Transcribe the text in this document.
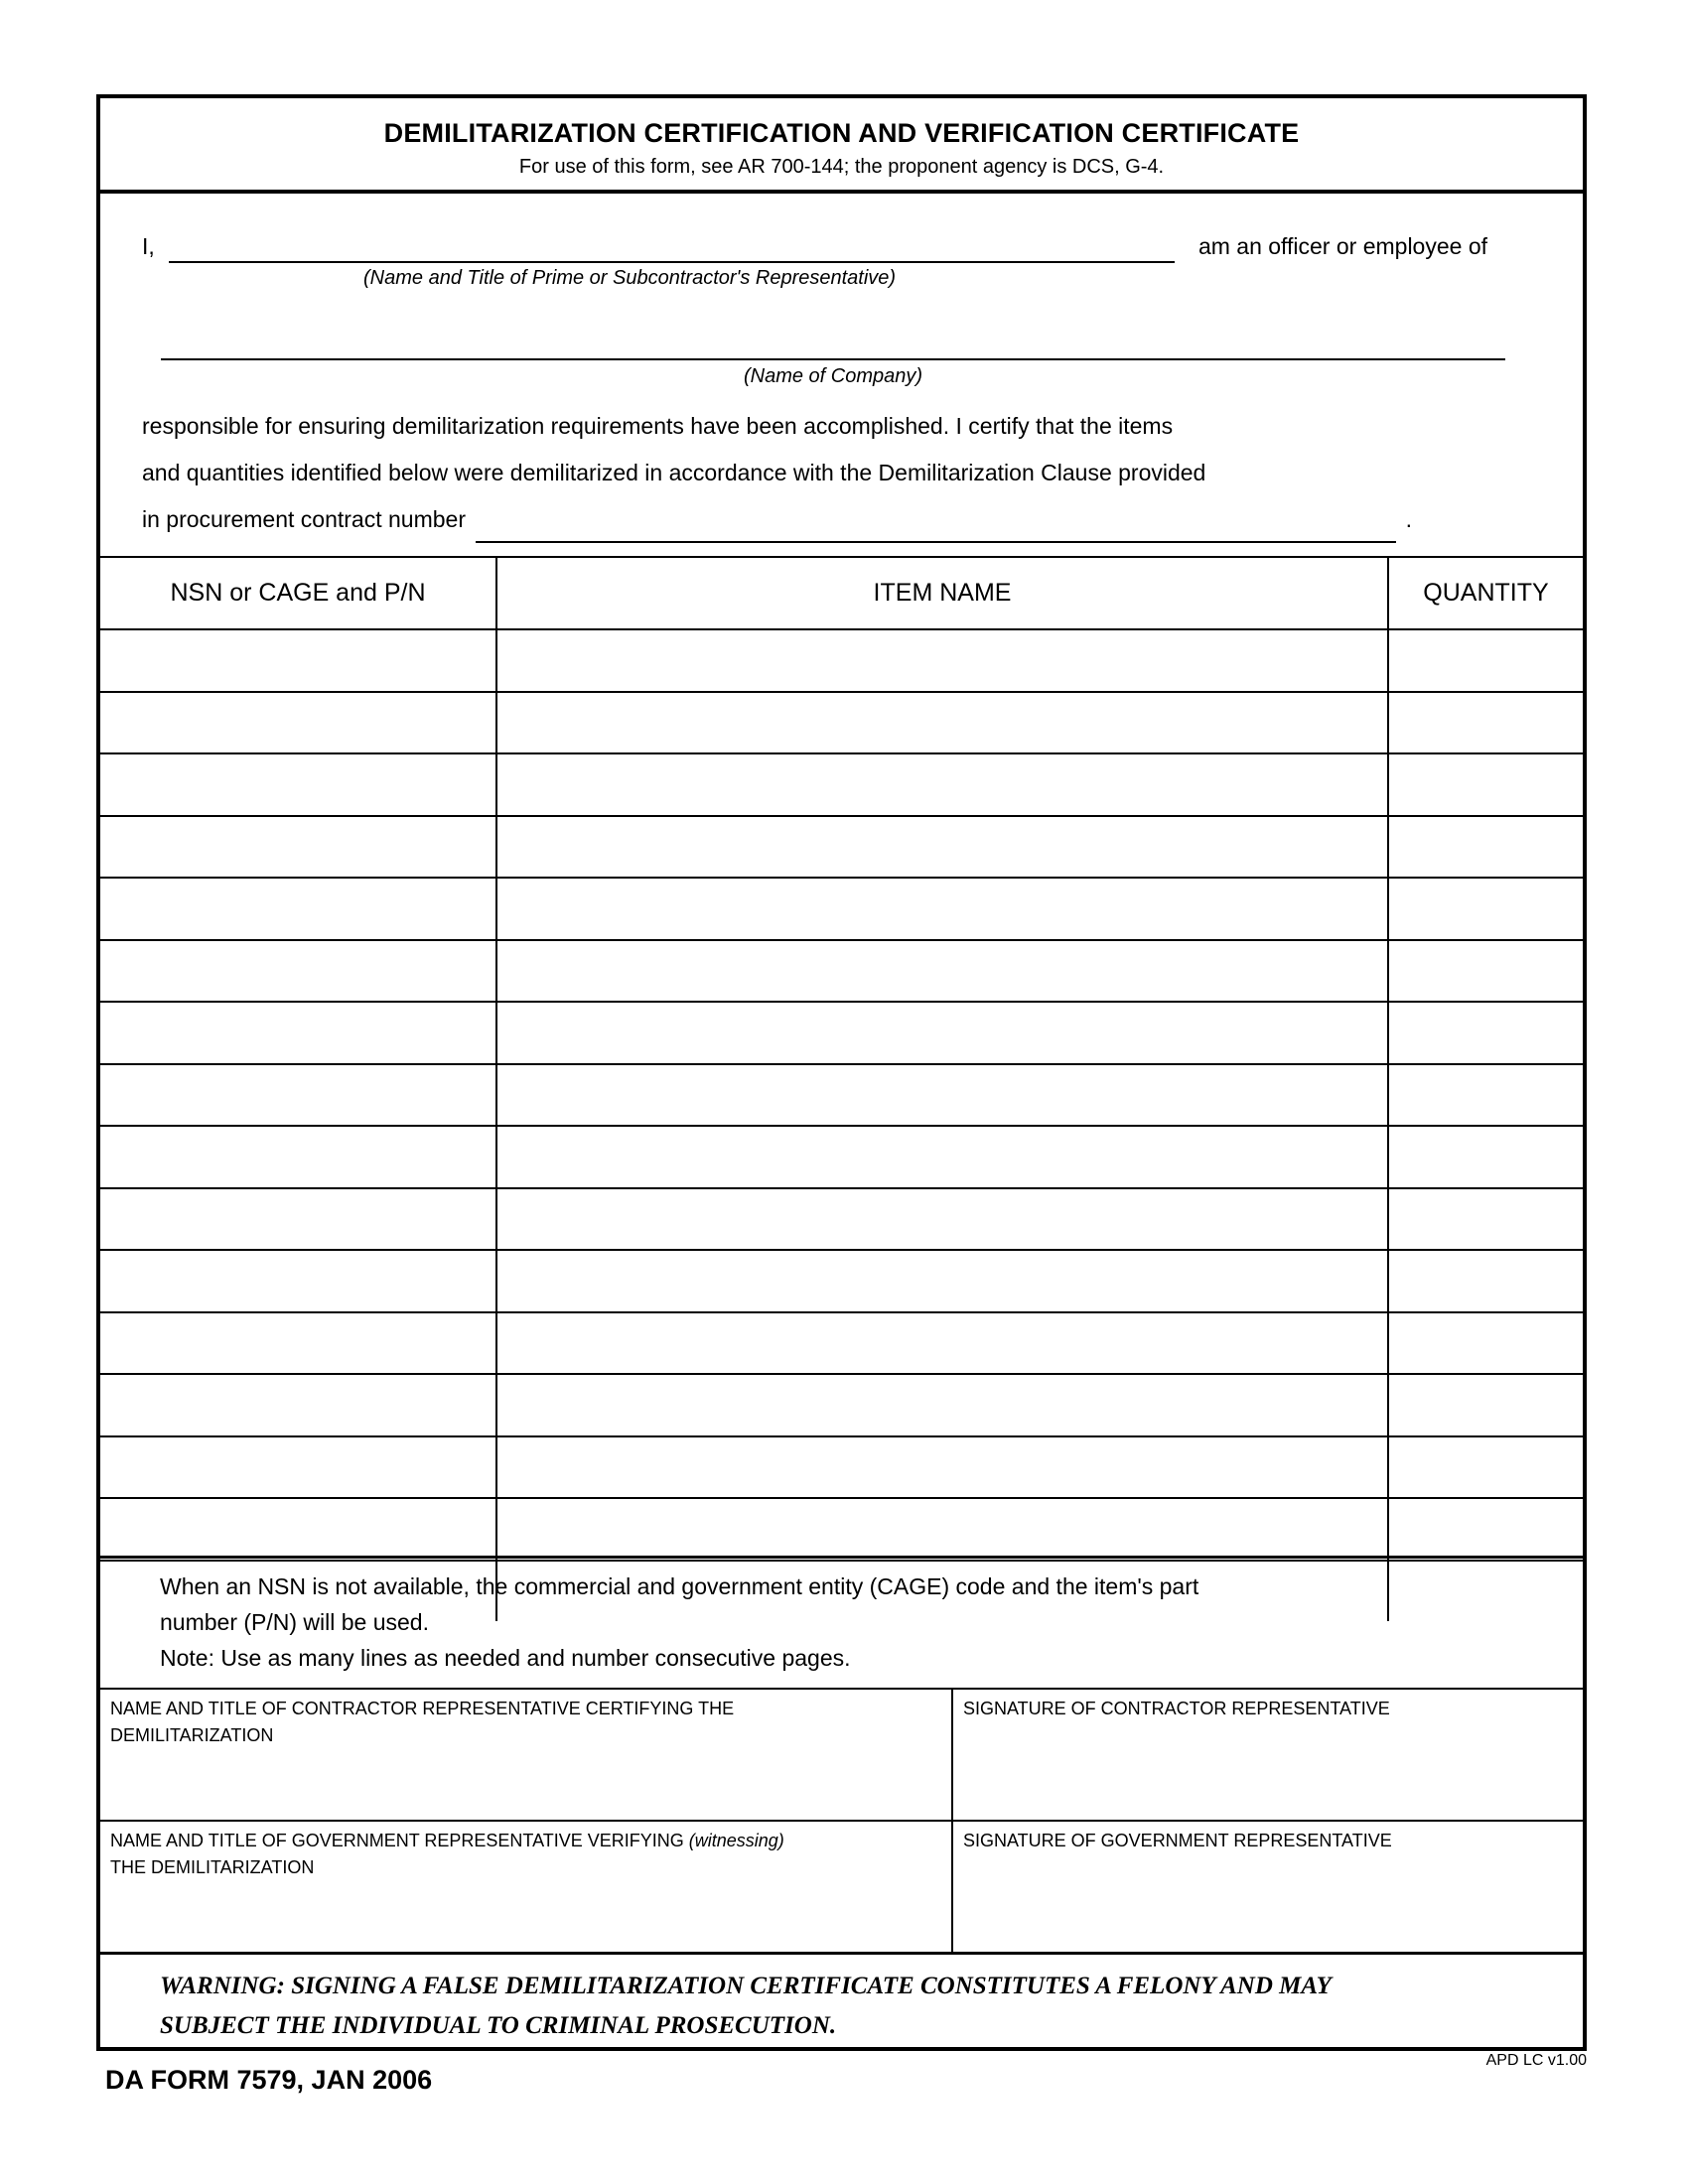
DEMILITARIZATION CERTIFICATION AND VERIFICATION CERTIFICATE
For use of this form, see AR 700-144; the proponent agency is DCS, G-4.
I,	am an officer or employee of
(Name and Title of Prime or Subcontractor's Representative)
(Name of Company)
responsible for ensuring demilitarization requirements have been accomplished. I certify that the items
and quantities identified below were demilitarized in accordance with the Demilitarization Clause provided
in procurement contract number	.
NSN or CAGE and P/N	ITEM NAME	QUANTITY

When an NSN is not available, the commercial and government entity (CAGE) code and the item's part
number (P/N) will be used.
Note: Use as many lines as needed and number consecutive pages.
NAME AND TITLE OF CONTRACTOR REPRESENTATIVE CERTIFYING THE
DEMILITARIZATION
SIGNATURE OF CONTRACTOR REPRESENTATIVE
NAME AND TITLE OF GOVERNMENT REPRESENTATIVE VERIFYING (witnessing)
THE DEMILITARIZATION
SIGNATURE OF GOVERNMENT REPRESENTATIVE
WARNING: SIGNING A FALSE DEMILITARIZATION CERTIFICATE CONSTITUTES A FELONY AND MAY
SUBJECT THE INDIVIDUAL TO CRIMINAL PROSECUTION.
DA FORM 7579, JAN 2006
APD LC v1.00
